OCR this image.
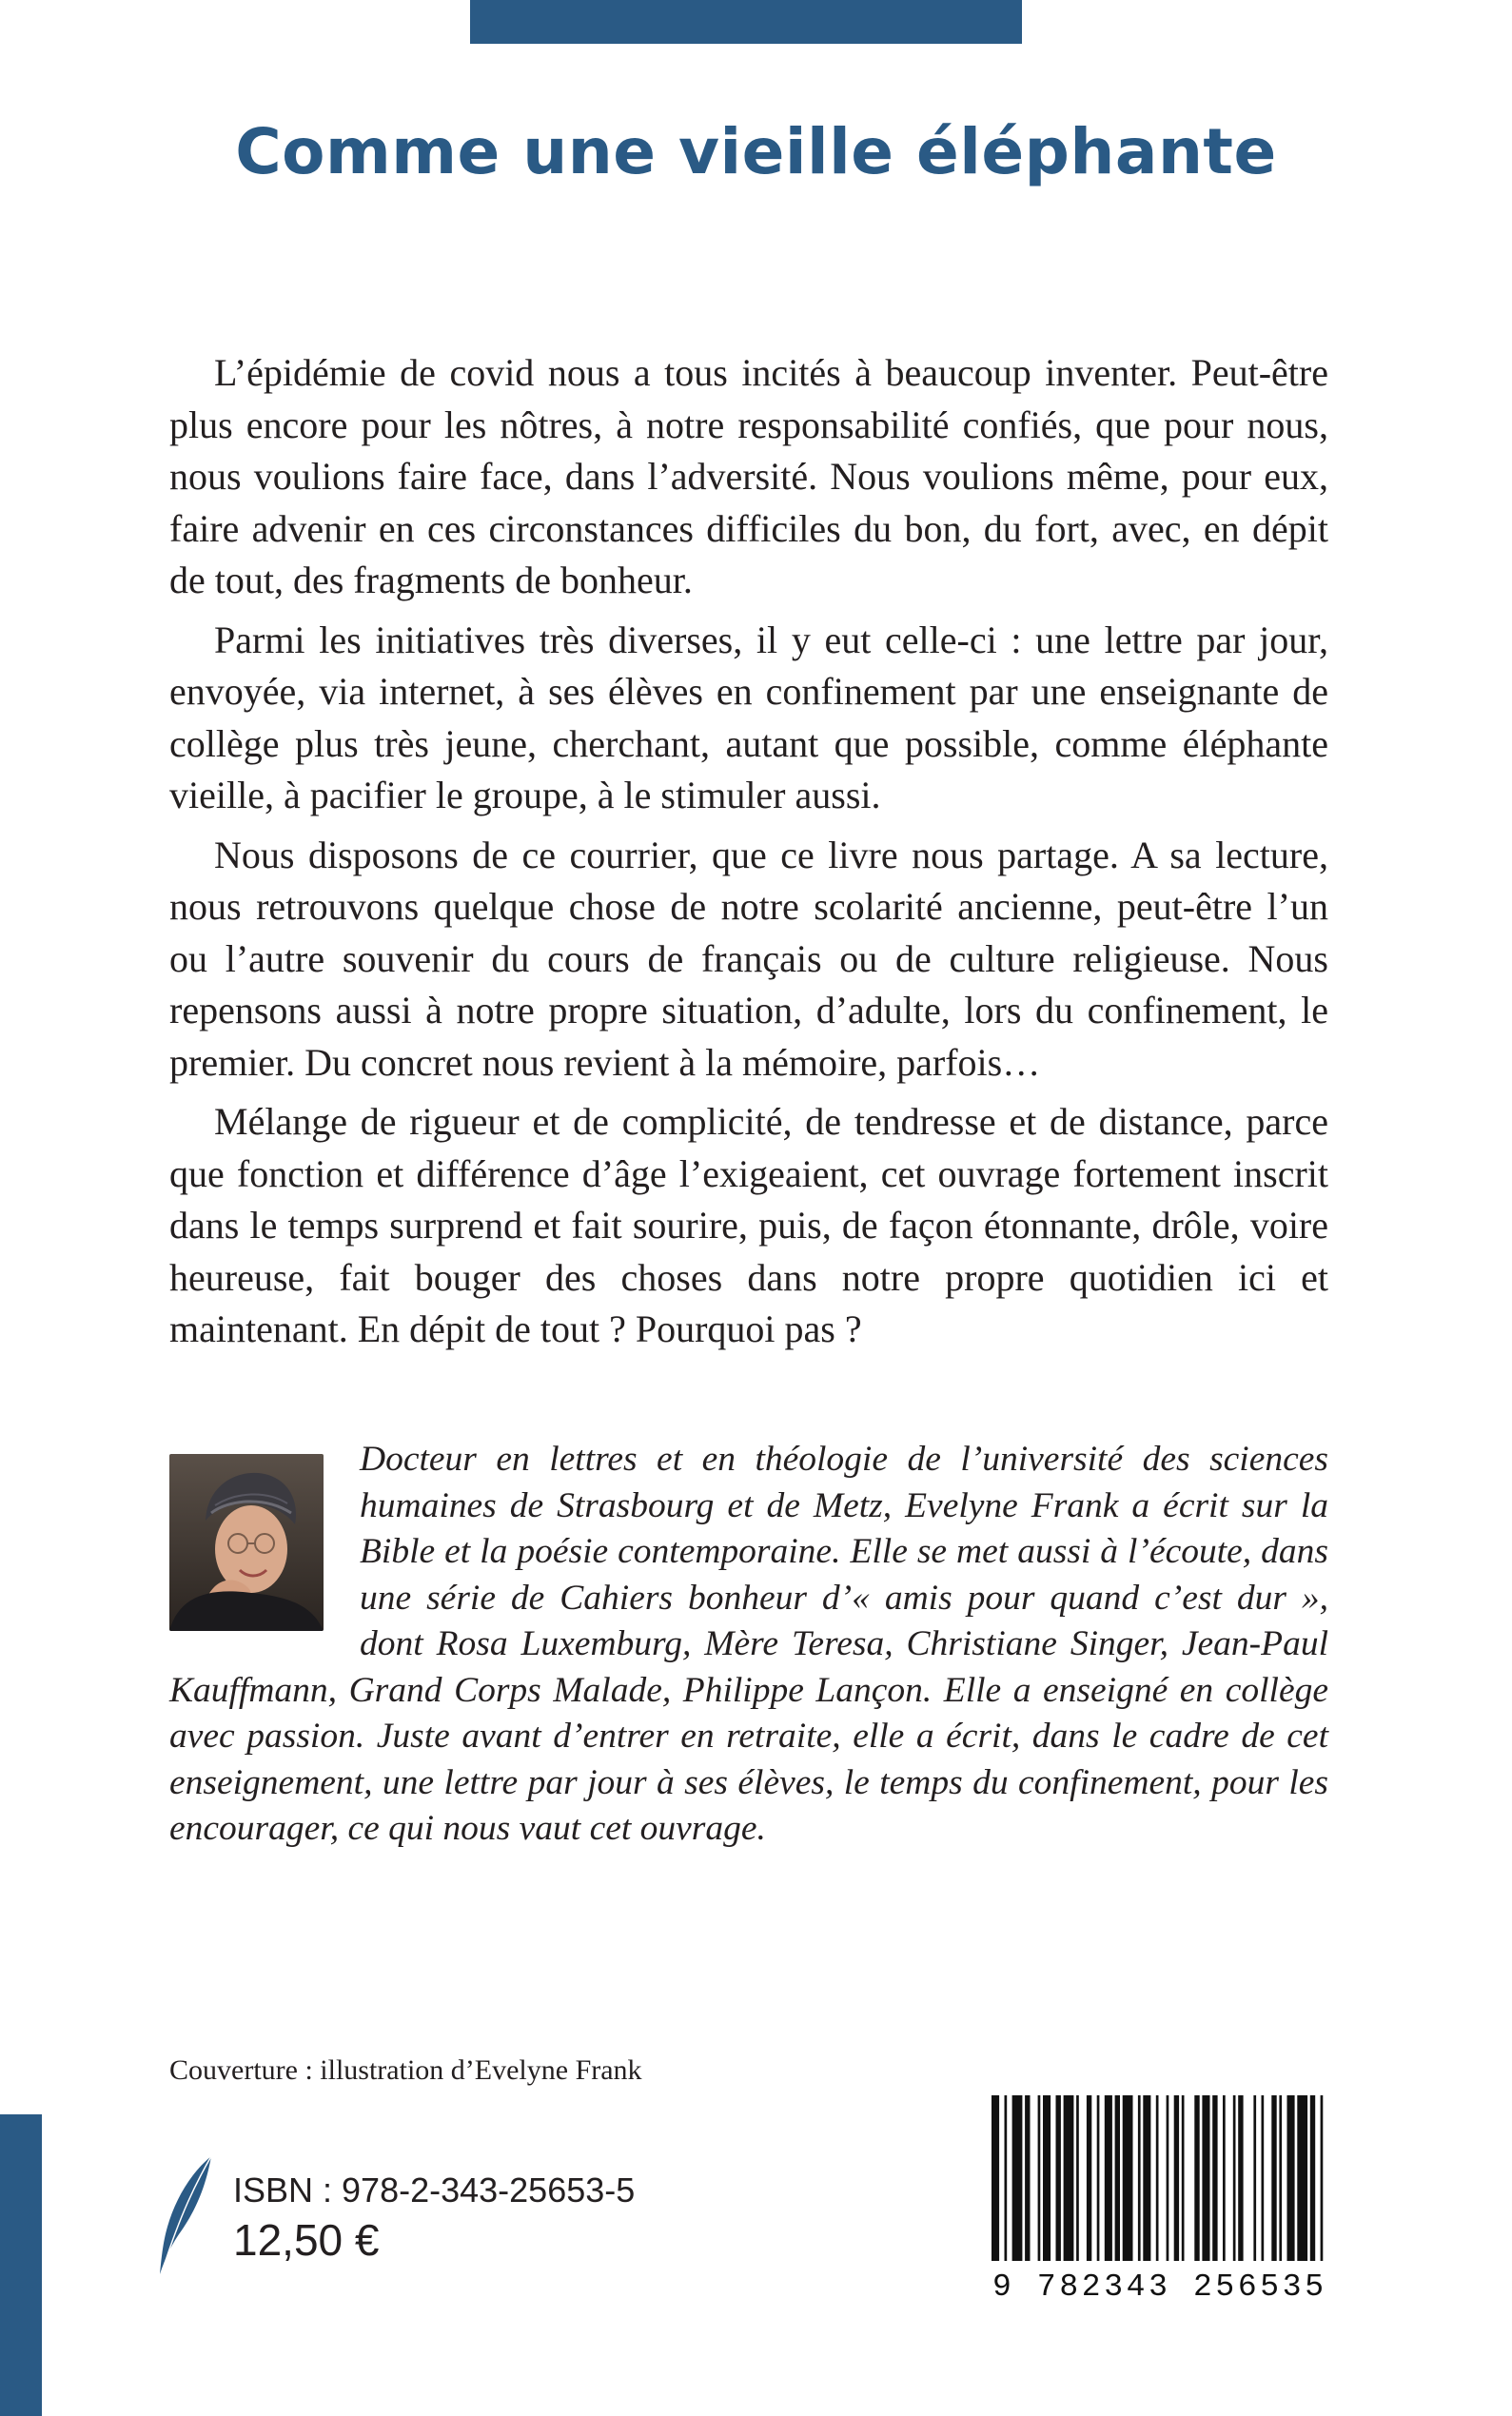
Comme une vieille éléphante

L’épidémie de covid nous a tous incités à beaucoup inventer. Peut-être plus encore pour les nôtres, à notre responsabilité confiés, que pour nous, nous voulions faire face, dans l’adversité. Nous voulions même, pour eux, faire advenir en ces circonstances difficiles du bon, du fort, avec, en dépit de tout, des fragments de bonheur.

Parmi les initiatives très diverses, il y eut celle-ci : une lettre par jour, envoyée, via internet, à ses élèves en confinement par une enseignante de collège plus très jeune, cherchant, autant que possible, comme éléphante vieille, à pacifier le groupe, à le stimuler aussi.

Nous disposons de ce courrier, que ce livre nous partage. A sa lecture, nous retrouvons quelque chose de notre scolarité ancienne, peut-être l’un ou l’autre souvenir du cours de français ou de culture religieuse. Nous repensons aussi à notre propre situation, d’adulte, lors du confinement, le premier. Du concret nous revient à la mémoire, parfois…

Mélange de rigueur et de complicité, de tendresse et de distance, parce que fonction et différence d’âge l’exigeaient, cet ouvrage fortement inscrit dans le temps surprend et fait sourire, puis, de façon étonnante, drôle, voire heureuse, fait bouger des choses dans notre propre quotidien ici et maintenant. En dépit de tout ? Pourquoi pas ?

Docteur en lettres et en théologie de l’université des sciences humaines de Strasbourg et de Metz, Evelyne Frank a écrit sur la Bible et la poésie contemporaine. Elle se met aussi à l’écoute, dans une série de Cahiers bonheur d’« amis pour quand c’est dur », dont Rosa Luxemburg, Mère Teresa, Christiane Singer, Jean-Paul Kauffmann, Grand Corps Malade, Philippe Lançon. Elle a enseigné en collège avec passion. Juste avant d’entrer en retraite, elle a écrit, dans le cadre de cet enseignement, une lettre par jour à ses élèves, le temps du confinement, pour les encourager, ce qui nous vaut cet ouvrage.
Couverture : illustration d’Evelyne Frank
ISBN : 978-2-343-25653-5
12,50 €
9 782343 256535
